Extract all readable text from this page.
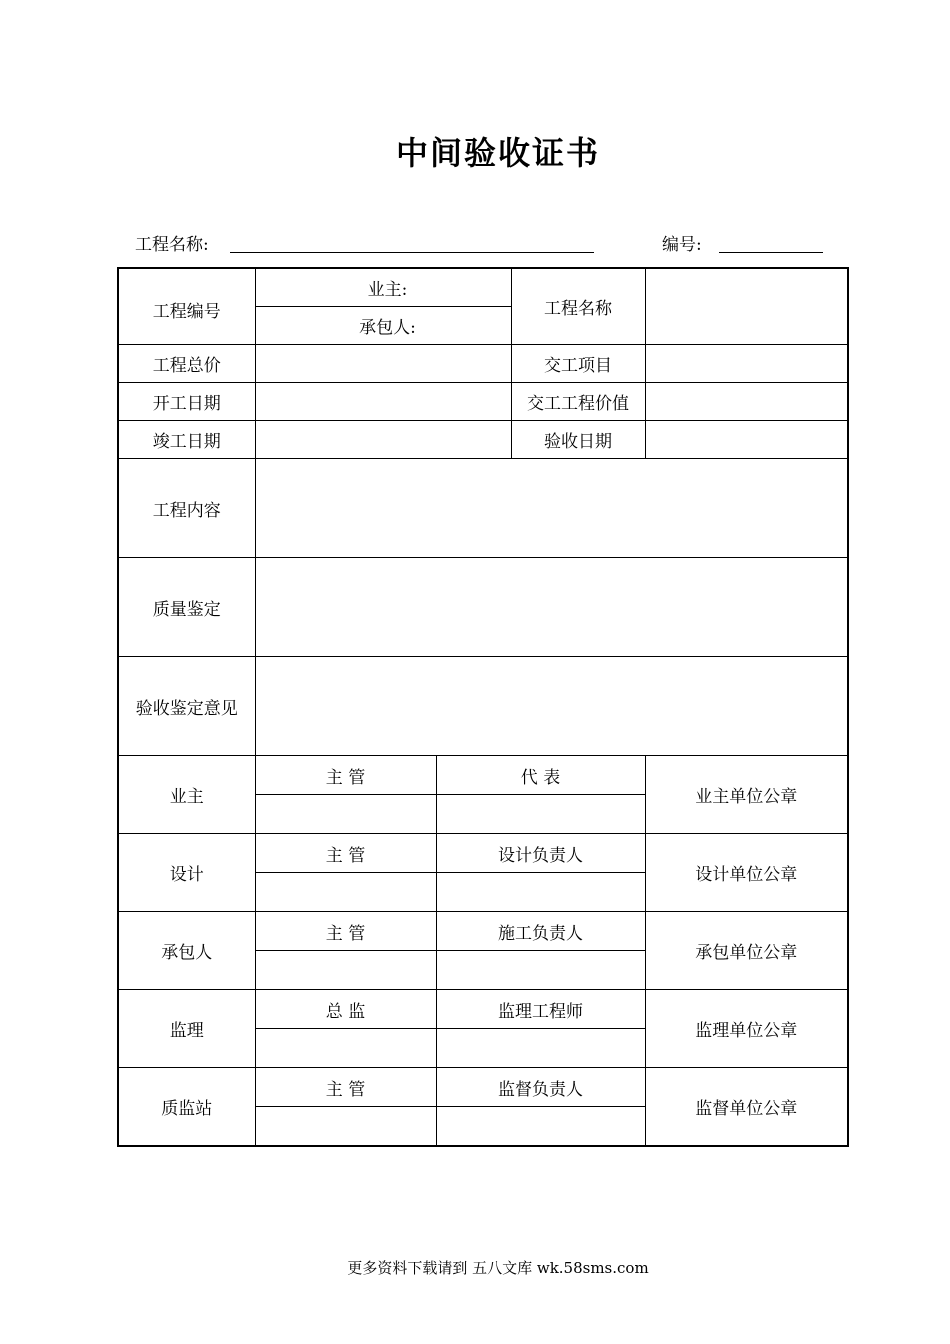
中间验收证书
工程名称:	编号:
工程编号	业主:		工程名称	
	承包人:			
工程总价			交工项目	
开工日期			交工工程价值	
竣工日期			验收日期	
工程内容				
质量鉴定				
验收鉴定意见				
业主	主 管	代 表		业主单位公章

设计	主 管	设计负责人		设计单位公章

承包人	主 管	施工负责人		承包单位公章

监理	总 监	监理工程师		监理单位公章

质监站	主 管	监督负责人		监督单位公章

更多资料下载请到 五八文库 wk.58sms.com
